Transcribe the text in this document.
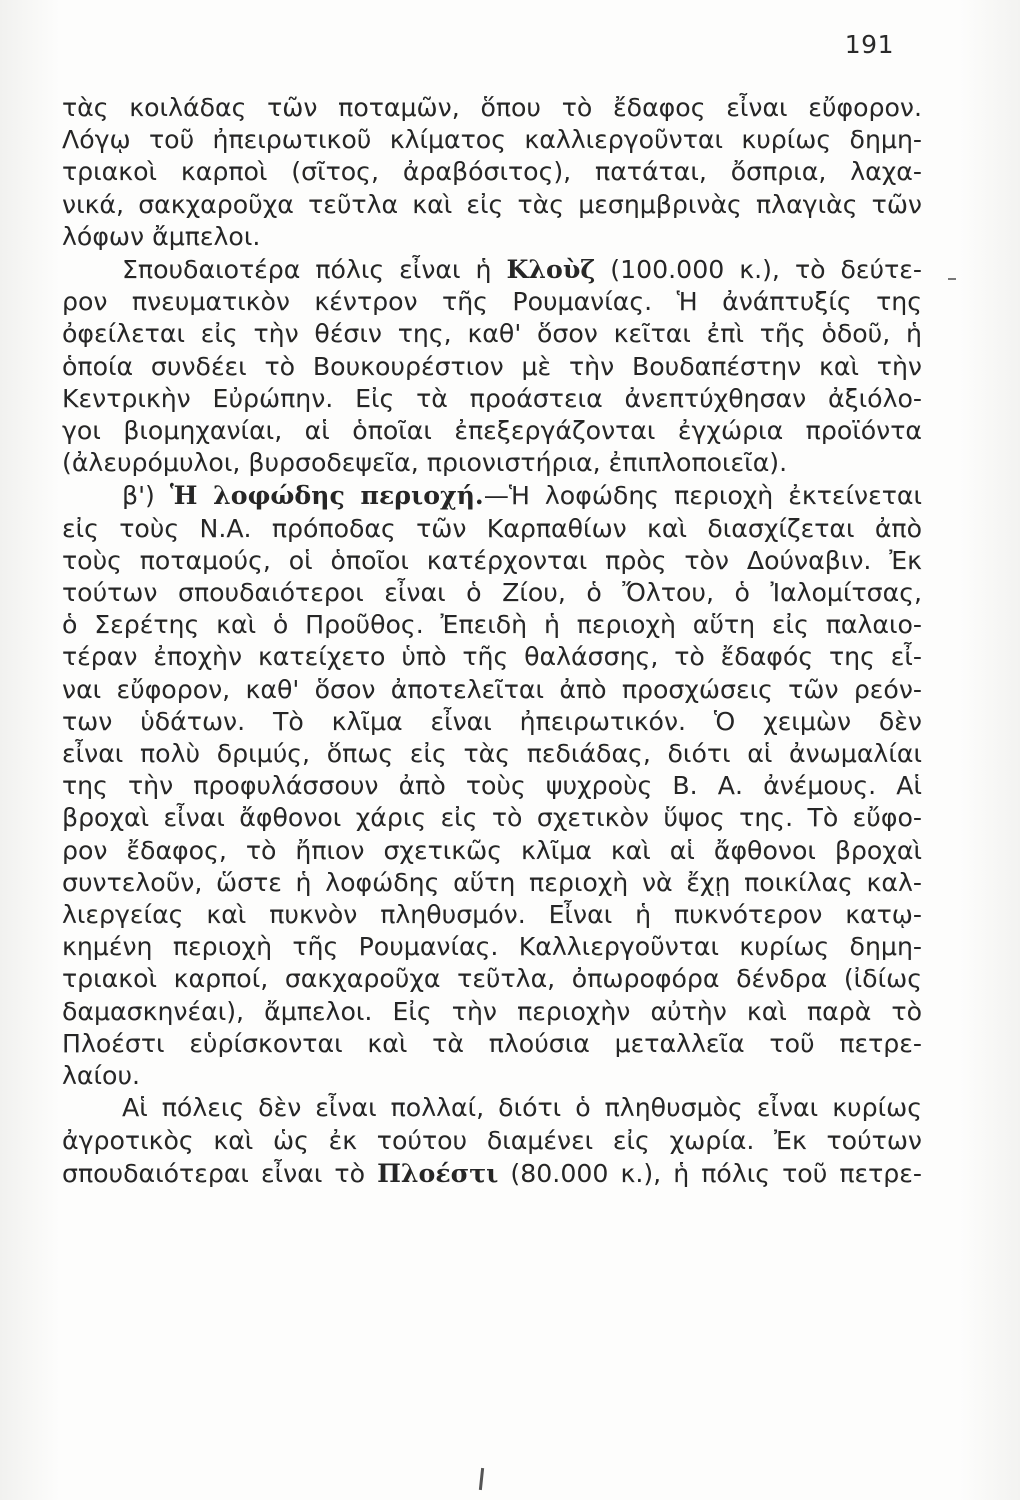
191
τὰς κοιλάδας τῶν ποταμῶν, ὅπου τὸ ἔδαφος εἶναι εὔφορον.
Λόγῳ τοῦ ἠπειρωτικοῦ κλίματος καλλιεργοῦνται κυρίως δημη-
τριακοὶ καρποὶ (σῖτος, ἀραβόσιτος), πατάται, ὄσπρια, λαχα-
νικά, σακχαροῦχα τεῦτλα καὶ εἰς τὰς μεσημβρινὰς πλαγιὰς τῶν
λόφων ἄμπελοι.
Σπουδαιοτέρα πόλις εἶναι ἡ Κλοὺζ (100.000 κ.), τὸ δεύτε-
ρον πνευματικὸν κέντρον τῆς Ρουμανίας. Ἡ ἀνάπτυξίς της
ὀφείλεται εἰς τὴν θέσιν της, καθ' ὅσον κεῖται ἐπὶ τῆς ὁδοῦ, ἡ
ὁποία συνδέει τὸ Βουκουρέστιον μὲ τὴν Βουδαπέστην καὶ τὴν
Κεντρικὴν Εὐρώπην. Εἰς τὰ προάστεια ἀνεπτύχθησαν ἀξιόλο-
γοι βιομηχανίαι, αἱ ὁποῖαι ἐπεξεργάζονται ἐγχώρια προϊόντα
(ἀλευρόμυλοι, βυρσοδεψεῖα, πριονιστήρια, ἐπιπλοποιεῖα).
β') Ἡ λοφώδης περιοχή.—Ἡ λοφώδης περιοχὴ ἐκτείνεται
εἰς τοὺς Ν.Α. πρόποδας τῶν Καρπαθίων καὶ διασχίζεται ἀπὸ
τοὺς ποταμούς, οἱ ὁποῖοι κατέρχονται πρὸς τὸν Δούναβιν. Ἐκ
τούτων σπουδαιότεροι εἶναι ὁ Ζίου, ὁ Ὄλτου, ὁ Ἰαλομίτσας,
ὁ Σερέτης καὶ ὁ Προῦθος. Ἐπειδὴ ἡ περιοχὴ αὕτη εἰς παλαιο-
τέραν ἐποχὴν κατείχετο ὑπὸ τῆς θαλάσσης, τὸ ἔδαφός της εἶ-
ναι εὔφορον, καθ' ὅσον ἀποτελεῖται ἀπὸ προσχώσεις τῶν ρεόν-
των ὑδάτων. Τὸ κλῖμα εἶναι ἠπειρωτικόν. Ὁ χειμὼν δὲν
εἶναι πολὺ δριμύς, ὅπως εἰς τὰς πεδιάδας, διότι αἱ ἀνωμαλίαι
της τὴν προφυλάσσουν ἀπὸ τοὺς ψυχροὺς Β. Α. ἀνέμους. Αἱ
βροχαὶ εἶναι ἄφθονοι χάρις εἰς τὸ σχετικὸν ὕψος της. Τὸ εὔφο-
ρον ἔδαφος, τὸ ἤπιον σχετικῶς κλῖμα καὶ αἱ ἄφθονοι βροχαὶ
συντελοῦν, ὥστε ἡ λοφώδης αὕτη περιοχὴ νὰ ἔχῃ ποικίλας καλ-
λιεργείας καὶ πυκνὸν πληθυσμόν. Εἶναι ἡ πυκνότερον κατῳ-
κημένη περιοχὴ τῆς Ρουμανίας. Καλλιεργοῦνται κυρίως δημη-
τριακοὶ καρποί, σακχαροῦχα τεῦτλα, ὀπωροφόρα δένδρα (ἰδίως
δαμασκηνέαι), ἄμπελοι. Εἰς τὴν περιοχὴν αὐτὴν καὶ παρὰ τὸ
Πλοέστι εὑρίσκονται καὶ τὰ πλούσια μεταλλεῖα τοῦ πετρε-
λαίου.
Αἱ πόλεις δὲν εἶναι πολλαί, διότι ὁ πληθυσμὸς εἶναι κυρίως
ἀγροτικὸς καὶ ὡς ἐκ τούτου διαμένει εἰς χωρία. Ἐκ τούτων
σπουδαιότεραι εἶναι τὸ Πλοέστι (80.000 κ.), ἡ πόλις τοῦ πετρε-
